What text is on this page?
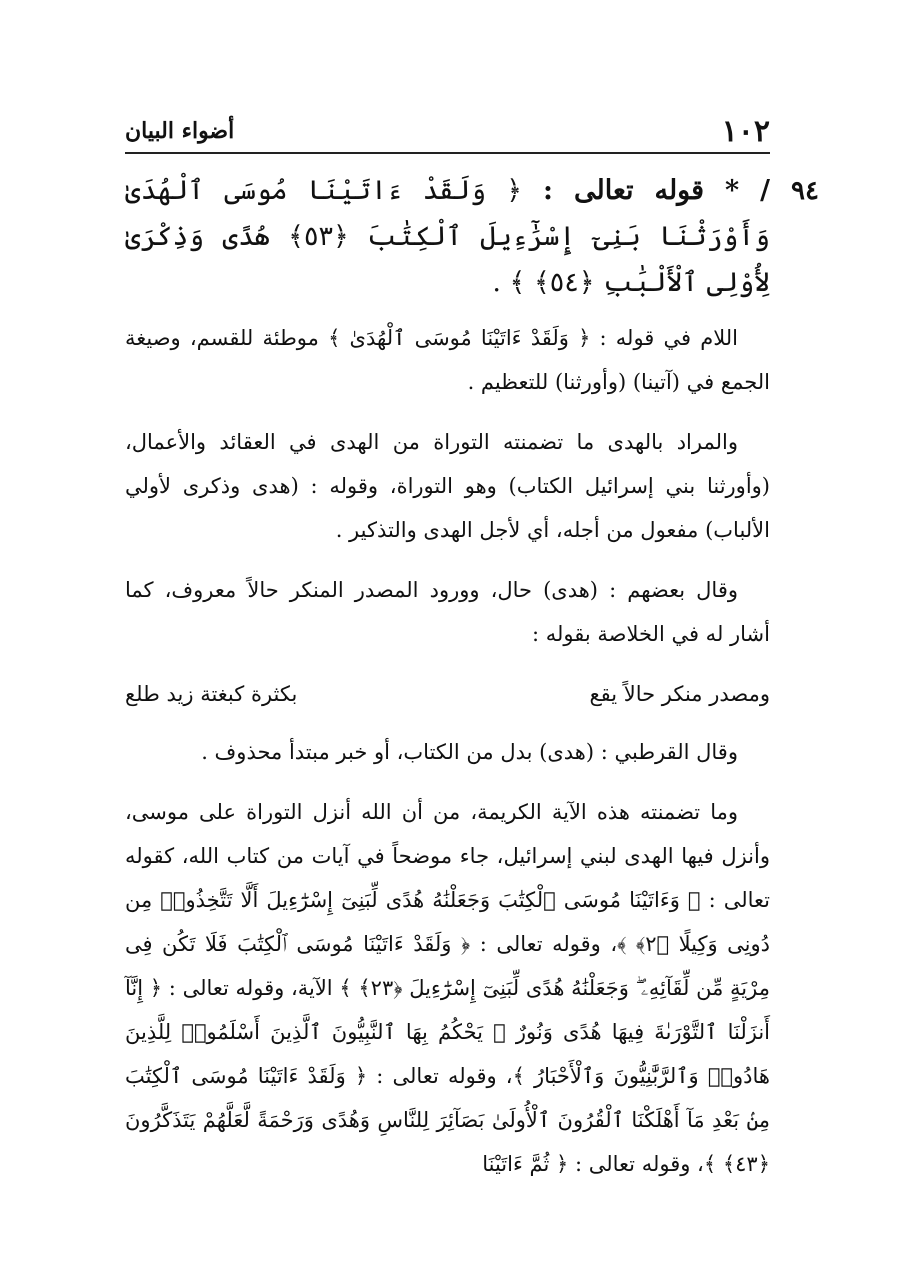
١٠٢
أضواء البيان
٩٤

/ * قوله تعالى : ﴿ وَلَقَدْ ءَاتَيْنَا مُوسَى ٱلْهُدَىٰ وَأَوْرَثْنَا بَنِىٓ إِسْرَٰٓءِيلَ ٱلْكِتَٰبَ ﴿٥٣﴾ هُدًى وَذِكْرَىٰ لِأُوْلِى ٱلْأَلْبَٰبِ ﴿٥٤﴾ ﴾ .

اللام في قوله : ﴿ وَلَقَدْ ءَاتَيْنَا مُوسَى ٱلْهُدَىٰ ﴾ موطئة للقسم، وصيغة الجمع في (آتينا) (وأورثنا) للتعظيم .

والمراد بالهدى ما تضمنته التوراة من الهدى في العقائد والأعمال، (وأورثنا بني إسرائيل الكتاب) وهو التوراة، وقوله : (هدى وذكرى لأولي الألباب) مفعول من أجله، أي لأجل الهدى والتذكير .

وقال بعضهم : (هدى) حال، وورود المصدر المنكر حالاً معروف، كما أشار له في الخلاصة بقوله :

ومصدر منكر حالاً يقع
بكثرة كبغتة زيد طلع

وقال القرطبي : (هدى) بدل من الكتاب، أو خبر مبتدأ محذوف .

وما تضمنته هذه الآية الكريمة، من أن الله أنزل التوراة على موسى، وأنزل فيها الهدى لبني إسرائيل، جاء موضحاً في آيات من كتاب الله، كقوله تعالى : ﴿ وَءَاتَيْنَا مُوسَى ٱلْكِتَٰبَ وَجَعَلْنَٰهُ هُدًى لِّبَنِىٓ إِسْرَٰٓءِيلَ أَلَّا تَتَّخِذُوا۟ مِن دُونِى وَكِيلًا ﴿٢﴾ ﴾، وقوله تعالى : ﴿ وَلَقَدْ ءَاتَيْنَا مُوسَى ٱلْكِتَٰبَ فَلَا تَكُن فِى مِرْيَةٍ مِّن لِّقَآئِهِۦ ۖ وَجَعَلْنَٰهُ هُدًى لِّبَنِىٓ إِسْرَٰٓءِيلَ ﴿٢٣﴾ ﴾ الآية، وقوله تعالى : ﴿ إِنَّآ أَنزَلْنَا ٱلتَّوْرَىٰةَ فِيهَا هُدًى وَنُورٌ ۚ يَحْكُمُ بِهَا ٱلنَّبِيُّونَ ٱلَّذِينَ أَسْلَمُوا۟ لِلَّذِينَ هَادُوا۟ وَٱلرَّبَّٰنِيُّونَ وَٱلْأَحْبَارُ ﴾، وقوله تعالى : ﴿ وَلَقَدْ ءَاتَيْنَا مُوسَى ٱلْكِتَٰبَ مِنۢ بَعْدِ مَآ أَهْلَكْنَا ٱلْقُرُونَ ٱلْأُولَىٰ بَصَآئِرَ لِلنَّاسِ وَهُدًى وَرَحْمَةً لَّعَلَّهُمْ يَتَذَكَّرُونَ ﴿٤٣﴾ ﴾، وقوله تعالى : ﴿ ثُمَّ ءَاتَيْنَا
